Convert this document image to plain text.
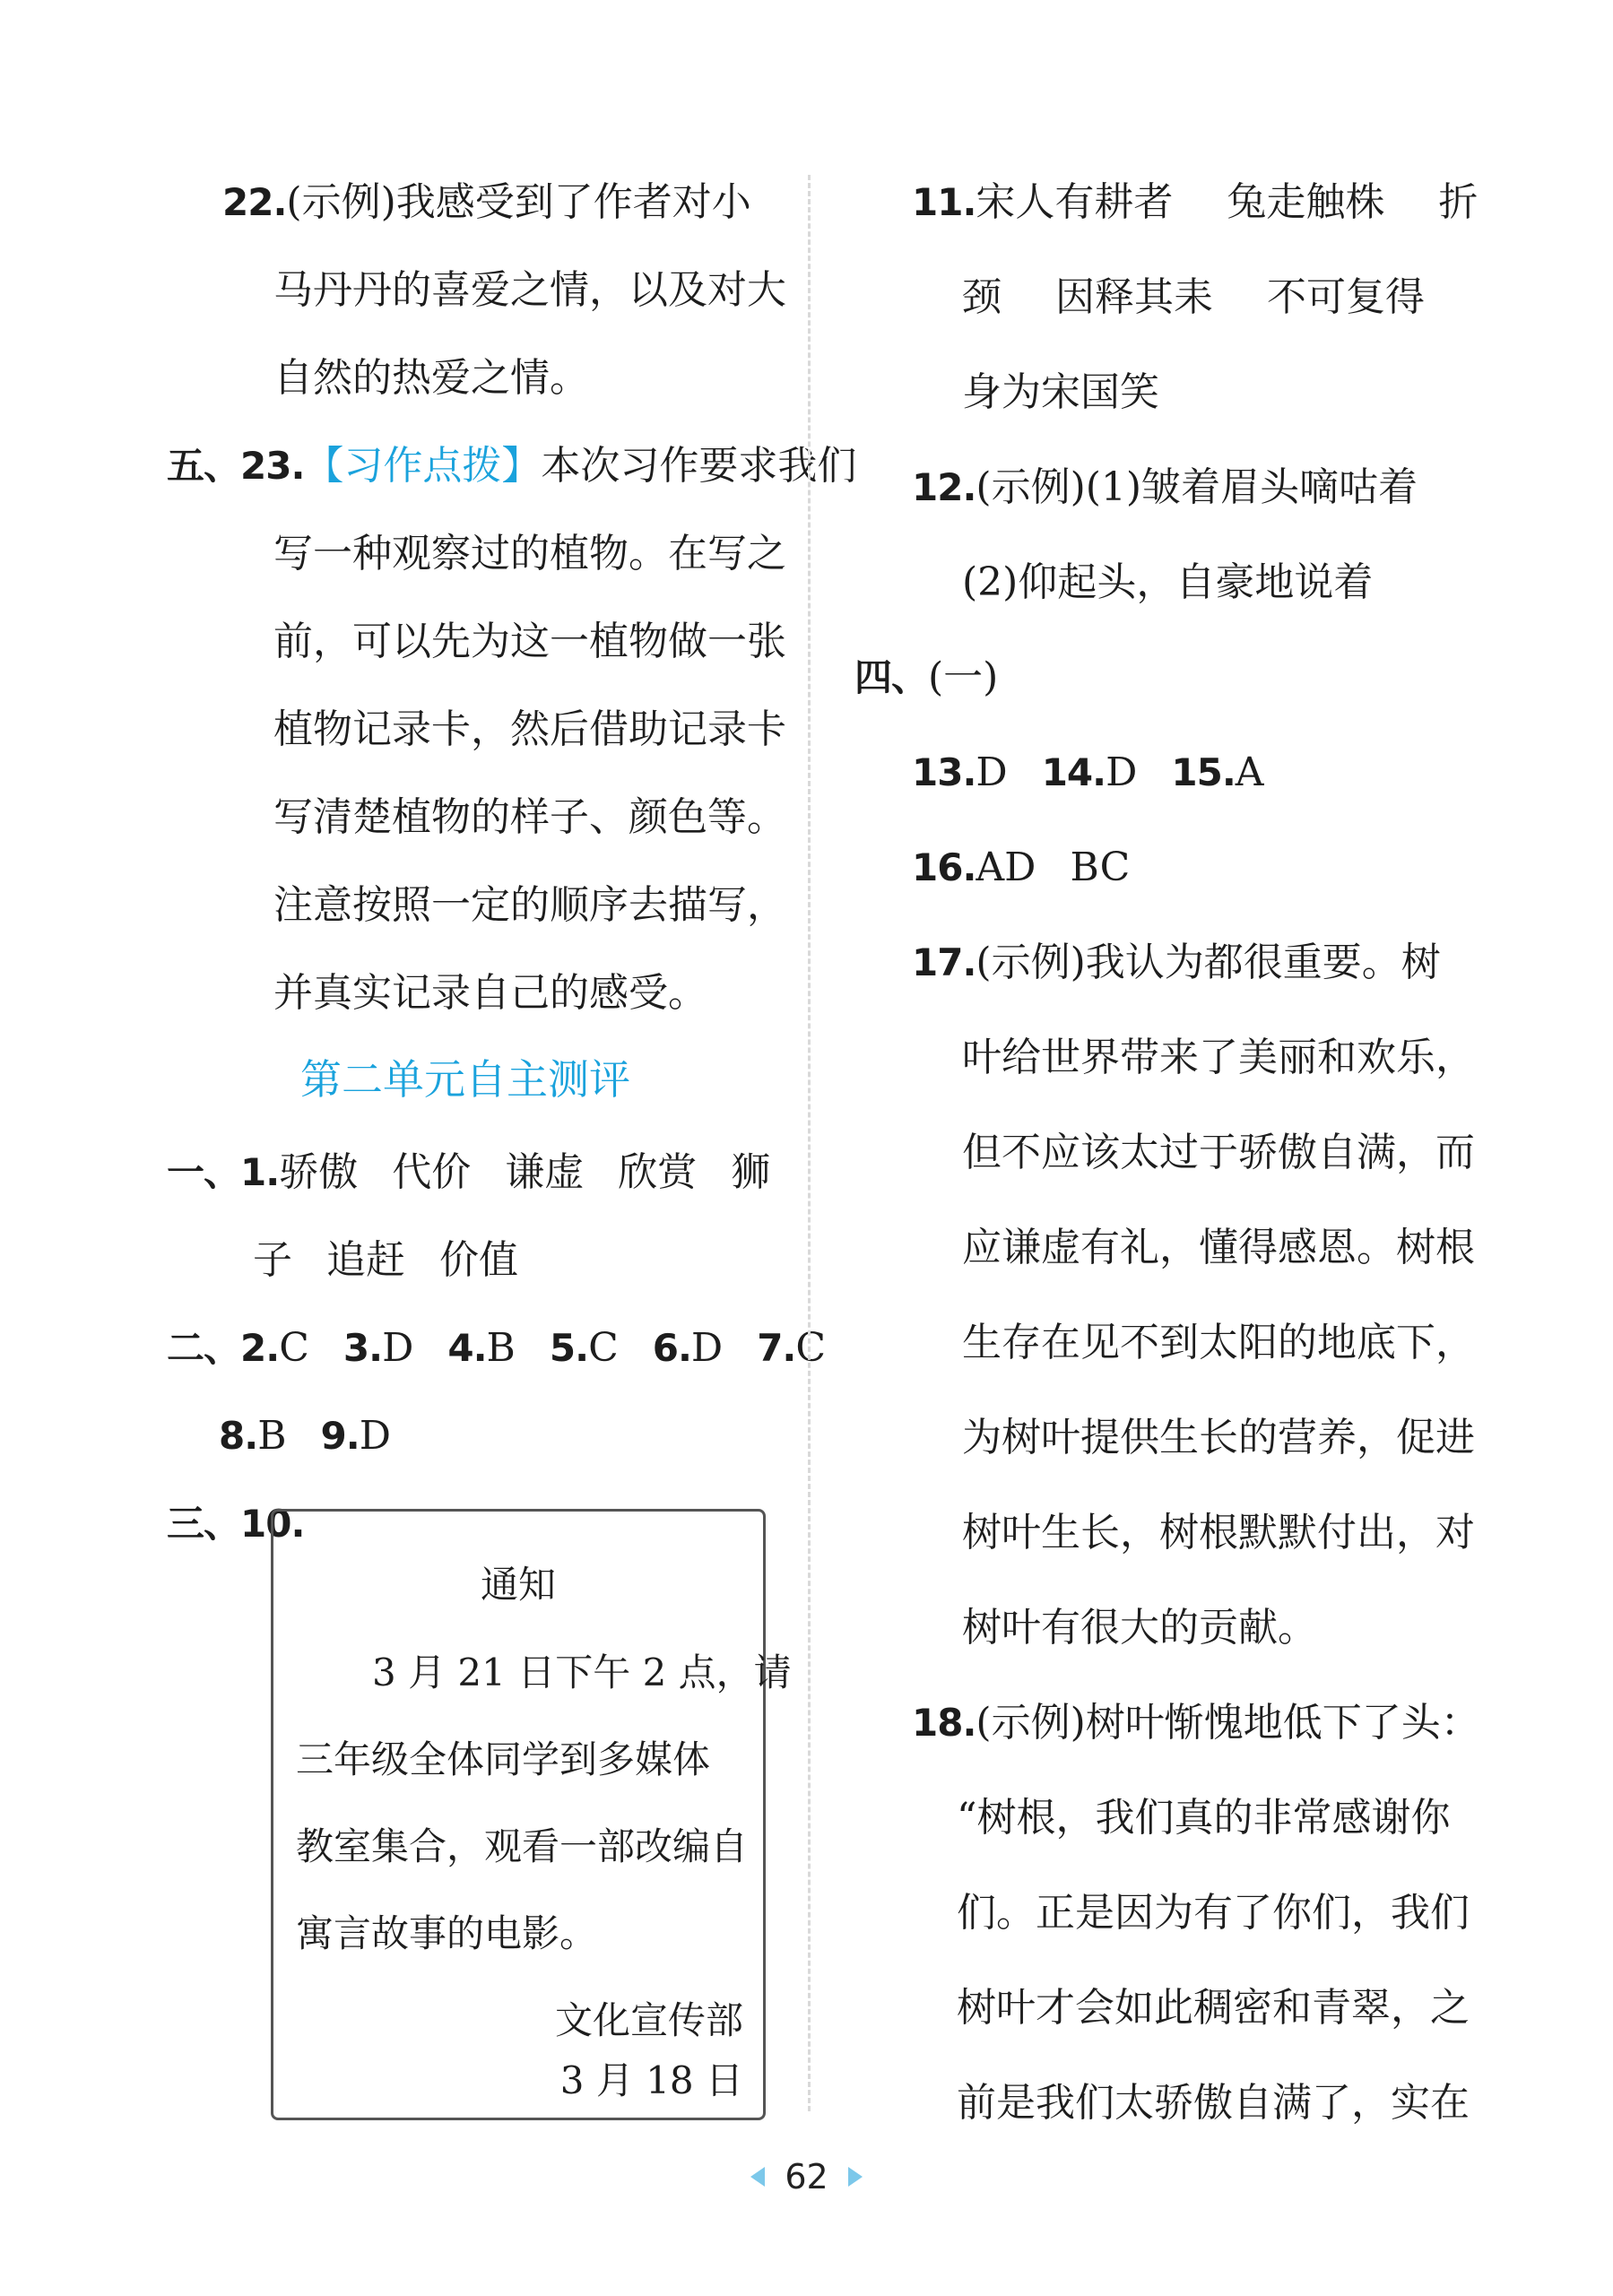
22.(示例)我感受到了作者对小
马丹丹的喜爱之情，以及对大
自然的热爱之情。
五、23.【习作点拨】本次习作要求我们
写一种观察过的植物。在写之
前，可以先为这一植物做一张
植物记录卡，然后借助记录卡
写清楚植物的样子、颜色等。
注意按照一定的顺序去描写，
并真实记录自己的感受。
第二单元自主测评
一、1.骄傲 代价 谦虚 欣赏 狮
子 追赶 价值
二、2.C 3.D 4.B 5.C 6.D 7.C
8.B 9.D
三、10.
通知
3 月 21 日下午 2 点，请
三年级全体同学到多媒体
教室集合，观看一部改编自
寓言故事的电影。
文化宣传部
3 月 18 日
11.宋人有耕者 兔走触株 折
颈 因释其耒 不可复得
身为宋国笑
12.(示例)(1)皱着眉头嘀咕着
(2)仰起头，自豪地说着
四、(一)
13.D 14.D 15.A
16.AD BC
17.(示例)我认为都很重要。树
叶给世界带来了美丽和欢乐，
但不应该太过于骄傲自满，而
应谦虚有礼，懂得感恩。树根
生存在见不到太阳的地底下，
为树叶提供生长的营养，促进
树叶生长，树根默默付出，对
树叶有很大的贡献。
18.(示例)树叶惭愧地低下了头：
“树根，我们真的非常感谢你
们。正是因为有了你们，我们
树叶才会如此稠密和青翠，之
前是我们太骄傲自满了，实在
62
